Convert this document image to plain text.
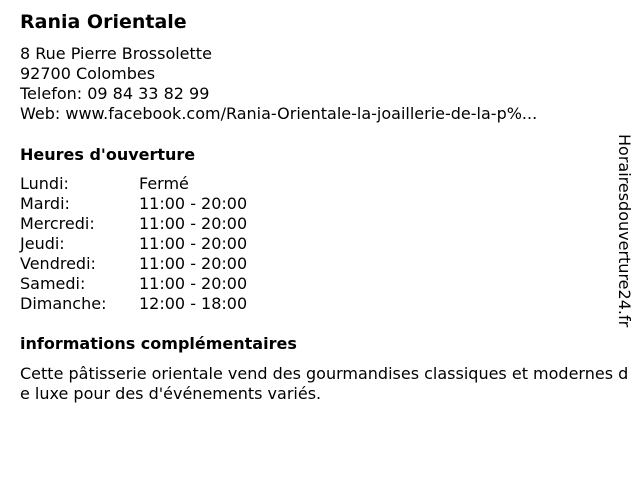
Rania Orientale
8 Rue Pierre Brossolette
92700 Colombes
Telefon: 09 84 33 82 99
Web: www.facebook.com/Rania-Orientale-la-joaillerie-de-la-p%...
Heures d'ouverture
Lundi:	Fermé
Mardi:	11:00 - 20:00
Mercredi:	11:00 - 20:00
Jeudi:	11:00 - 20:00
Vendredi:	11:00 - 20:00
Samedi:	11:00 - 20:00
Dimanche:	12:00 - 18:00
informations complémentaires
Cette pâtisserie orientale vend des gourmandises classiques et modernes de luxe pour des d'événements variés.
Horairesdouverture24.fr
